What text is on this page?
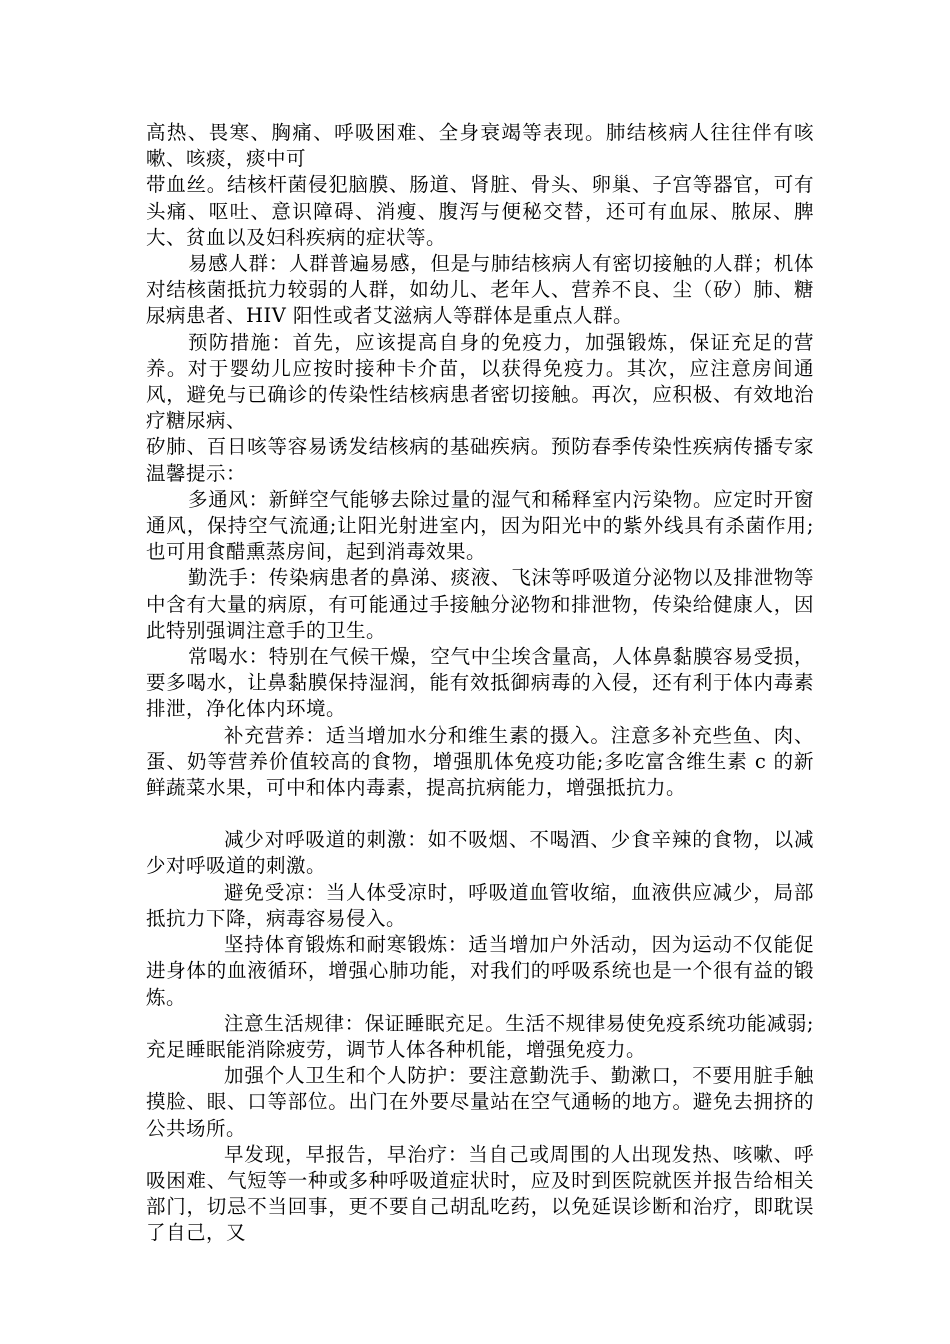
高热、畏寒、胸痛、呼吸困难、全身衰竭等表现。肺结核病人往往伴有咳嗽、咳痰，痰中可

带血丝。结核杆菌侵犯脑膜、肠道、肾脏、骨头、卵巢、子宫等器官，可有头痛、呕吐、意识障碍、消瘦、腹泻与便秘交替，还可有血尿、脓尿、脾大、贫血以及妇科疾病的症状等。

易感人群：人群普遍易感，但是与肺结核病人有密切接触的人群；机体对结核菌抵抗力较弱的人群，如幼儿、老年人、营养不良、尘（矽）肺、糖尿病患者、HIV 阳性或者艾滋病人等群体是重点人群。

预防措施：首先，应该提高自身的免疫力，加强锻炼，保证充足的营养。对于婴幼儿应按时接种卡介苗，以获得免疫力。其次，应注意房间通风，避免与已确诊的传染性结核病患者密切接触。再次，应积极、有效地治疗糖尿病、

矽肺、百日咳等容易诱发结核病的基础疾病。预防春季传染性疾病传播专家温馨提示：

多通风：新鲜空气能够去除过量的湿气和稀释室内污染物。应定时开窗通风，保持空气流通;让阳光射进室内，因为阳光中的紫外线具有杀菌作用;也可用食醋熏蒸房间，起到消毒效果。

勤洗手：传染病患者的鼻涕、痰液、飞沫等呼吸道分泌物以及排泄物等中含有大量的病原，有可能通过手接触分泌物和排泄物，传染给健康人，因此特别强调注意手的卫生。

常喝水：特别在气候干燥，空气中尘埃含量高，人体鼻黏膜容易受损，要多喝水，让鼻黏膜保持湿润，能有效抵御病毒的入侵，还有利于体内毒素排泄，净化体内环境。

补充营养：适当增加水分和维生素的摄入。注意多补充些鱼、肉、蛋、奶等营养价值较高的食物，增强肌体免疫功能;多吃富含维生素 c 的新鲜蔬菜水果，可中和体内毒素，提高抗病能力，增强抵抗力。

减少对呼吸道的刺激：如不吸烟、不喝酒、少食辛辣的食物，以减少对呼吸道的刺激。

避免受凉：当人体受凉时，呼吸道血管收缩，血液供应减少，局部抵抗力下降，病毒容易侵入。

坚持体育锻炼和耐寒锻炼：适当增加户外活动，因为运动不仅能促进身体的血液循环，增强心肺功能，对我们的呼吸系统也是一个很有益的锻炼。

注意生活规律：保证睡眠充足。生活不规律易使免疫系统功能减弱;充足睡眠能消除疲劳，调节人体各种机能，增强免疫力。

加强个人卫生和个人防护：要注意勤洗手、勤漱口，不要用脏手触摸脸、眼、口等部位。出门在外要尽量站在空气通畅的地方。避免去拥挤的公共场所。

早发现，早报告，早治疗：当自己或周围的人出现发热、咳嗽、呼吸困难、气短等一种或多种呼吸道症状时，应及时到医院就医并报告给相关部门，切忌不当回事，更不要自己胡乱吃药，以免延误诊断和治疗，即耽误了自己，又
